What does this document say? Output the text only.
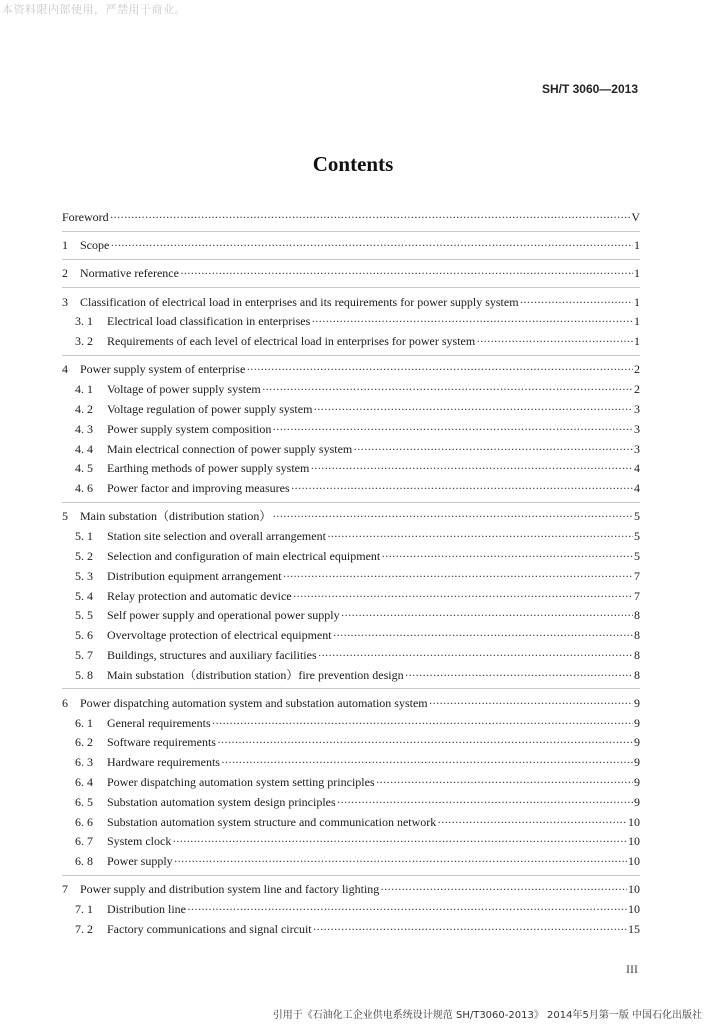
本资料限内部使用，严禁用于商业。
SH/T 3060—2013
Contents
Foreword ·····	V
1	Scope ·····	1
2	Normative reference ·····	1
3	Classification of electrical load in enterprises and its requirements for power supply system ·····	1
3. 1	Electrical load classification in enterprises ·····	1
3. 2	Requirements of each level of electrical load in enterprises for power system ·····	1
4	Power supply system of enterprise ·····	2
4. 1	Voltage of power supply system ·····	2
4. 2	Voltage regulation of power supply system ·····	3
4. 3	Power supply system composition ·····	3
4. 4	Main electrical connection of power supply system ·····	3
4. 5	Earthing methods of power supply system ·····	4
4. 6	Power factor and improving measures ·····	4
5	Main substation（distribution station） ·····	5
5. 1	Station site selection and overall arrangement ·····	5
5. 2	Selection and configuration of main electrical equipment ·····	5
5. 3	Distribution equipment arrangement ·····	7
5. 4	Relay protection and automatic device ·····	7
5. 5	Self power supply and operational power supply ·····	8
5. 6	Overvoltage protection of electrical equipment ·····	8
5. 7	Buildings, structures and auxiliary facilities ·····	8
5. 8	Main substation（distribution station）fire prevention design ·····	8
6	Power dispatching automation system and substation automation system ·····	9
6. 1	General requirements ·····	9
6. 2	Software requirements ·····	9
6. 3	Hardware requirements ·····	9
6. 4	Power dispatching automation system setting principles ·····	9
6. 5	Substation automation system design principles ·····	9
6. 6	Substation automation system structure and communication network ·····	10
6. 7	System clock ·····	10
6. 8	Power supply ·····	10
7	Power supply and distribution system line and factory lighting ·····	10
7. 1	Distribution line ·····	10
7. 2	Factory communications and signal circuit ·····	15
III
引用于《石油化工企业供电系统设计规范 SH/T3060-2013》 2014年5月第一版 中国石化出版社
